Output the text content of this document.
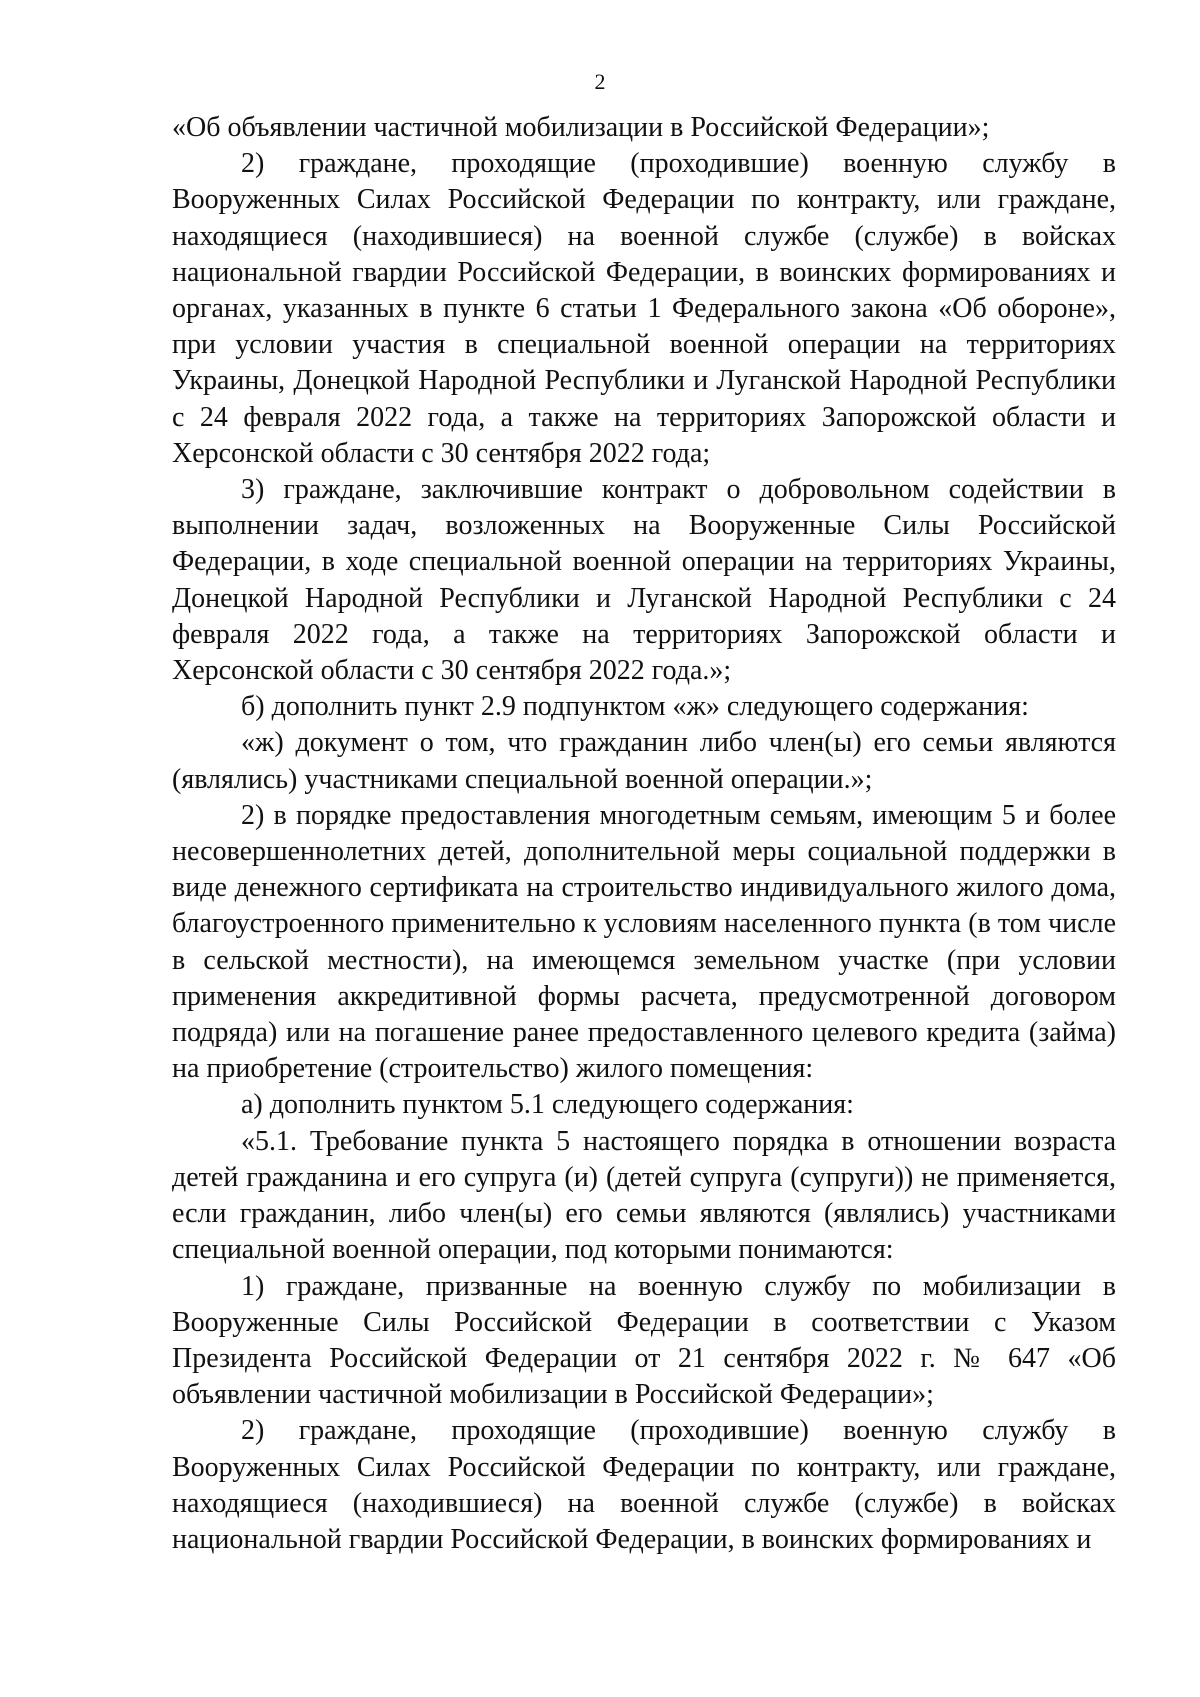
2

«Об объявлении частичной мобилизации в Российской Федерации»;

2) граждане, проходящие (проходившие) военную службу в Вооруженных Силах Российской Федерации по контракту, или граждане, находящиеся (находившиеся) на военной службе (службе) в войсках национальной гвардии Российской Федерации, в воинских формированиях и органах, указанных в пункте 6 статьи 1 Федерального закона «Об обороне», при условии участия в специальной военной операции на территориях Украины, Донецкой Народной Республики и Луганской Народной Республики с 24 февраля 2022 года, а также на территориях Запорожской области и Херсонской области с 30 сентября 2022 года;

3) граждане, заключившие контракт о добровольном содействии в выполнении задач, возложенных на Вооруженные Силы Российской Федерации, в ходе специальной военной операции на территориях Украины, Донецкой Народной Республики и Луганской Народной Республики с 24 февраля 2022 года, а также на территориях Запорожской области и Херсонской области с 30 сентября 2022 года.»;

б) дополнить пункт 2.9 подпунктом «ж» следующего содержания:

«ж) документ о том, что гражданин либо член(ы) его семьи являются (являлись) участниками специальной военной операции.»;

2) в порядке предоставления многодетным семьям, имеющим 5 и более несовершеннолетних детей, дополнительной меры социальной поддержки в виде денежного сертификата на строительство индивидуального жилого дома, благоустроенного применительно к условиям населенного пункта (в том числе в сельской местности), на имеющемся земельном участке (при условии применения аккредитивной формы расчета, предусмотренной договором подряда) или на погашение ранее предоставленного целевого кредита (займа) на приобретение (строительство) жилого помещения:

а) дополнить пунктом 5.1 следующего содержания:

«5.1. Требование пункта 5 настоящего порядка в отношении возраста детей гражданина и его супруга (и) (детей супруга (супруги)) не применяется, если гражданин, либо член(ы) его семьи являются (являлись) участниками специальной военной операции, под которыми понимаются:

1) граждане, призванные на военную службу по мобилизации в Вооруженные Силы Российской Федерации в соответствии с Указом Президента Российской Федерации от 21 сентября 2022 г. № 647 «Об объявлении частичной мобилизации в Российской Федерации»;

2) граждане, проходящие (проходившие) военную службу в Вооруженных Силах Российской Федерации по контракту, или граждане, находящиеся (находившиеся) на военной службе (службе) в войсках национальной гвардии Российской Федерации, в воинских формированиях и
